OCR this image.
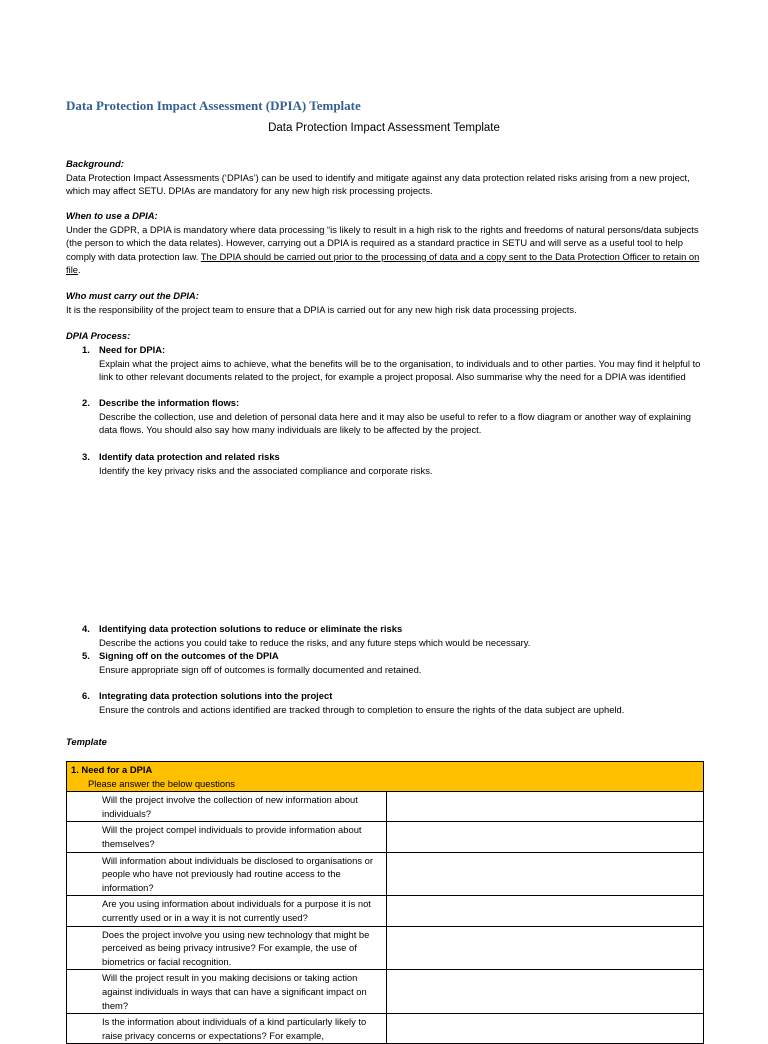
Data Protection Impact Assessment (DPIA) Template
Data Protection Impact Assessment Template
Background:
Data Protection Impact Assessments (‘DPIAs’) can be used to identify and mitigate against any data protection related risks arising from a new project, which may affect SETU. DPIAs are mandatory for any new high risk processing projects.
When to use a DPIA:
Under the GDPR, a DPIA is mandatory where data processing “is likely to result in a high risk to the rights and freedoms of natural persons/data subjects (the person to which the data relates). However, carrying out a DPIA is required as a standard practice in SETU and will serve as a useful tool to help comply with data protection law. The DPIA should be carried out prior to the processing of data and a copy sent to the Data Protection Officer to retain on file.
Who must carry out the DPIA:
It is the responsibility of the project team to ensure that a DPIA is carried out for any new high risk data processing projects.
DPIA Process:
1. Need for DPIA:
Explain what the project aims to achieve, what the benefits will be to the organisation, to individuals and to other parties. You may find it helpful to link to other relevant documents related to the project, for example a project proposal. Also summarise why the need for a DPIA was identified
2. Describe the information flows:
Describe the collection, use and deletion of personal data here and it may also be useful to refer to a flow diagram or another way of explaining data flows. You should also say how many individuals are likely to be affected by the project.
3. Identify data protection and related risks
Identify the key privacy risks and the associated compliance and corporate risks.
4. Identifying data protection solutions to reduce or eliminate the risks
Describe the actions you could take to reduce the risks, and any future steps which would be necessary.
5. Signing off on the outcomes of the DPIA
Ensure appropriate sign off of outcomes is formally documented and retained.
6. Integrating data protection solutions into the project
Ensure the controls and actions identified are tracked through to completion to ensure the rights of the data subject are upheld.
Template
1. Need for a DPIA
Please answer the below questions	

Will the project involve the collection of new information about individuals?	
Will the project compel individuals to provide information about themselves?	
Will information about individuals be disclosed to organisations or people who have not previously had routine access to the information?	
Are you using information about individuals for a purpose it is not currently used or in a way it is not currently used?	
Does the project involve you using new technology that might be perceived as being privacy intrusive? For example, the use of biometrics or facial recognition.	
Will the project result in you making decisions or taking action against individuals in ways that can have a significant impact on them?	
Is the information about individuals of a kind particularly likely to raise privacy concerns or expectations? For example,	
